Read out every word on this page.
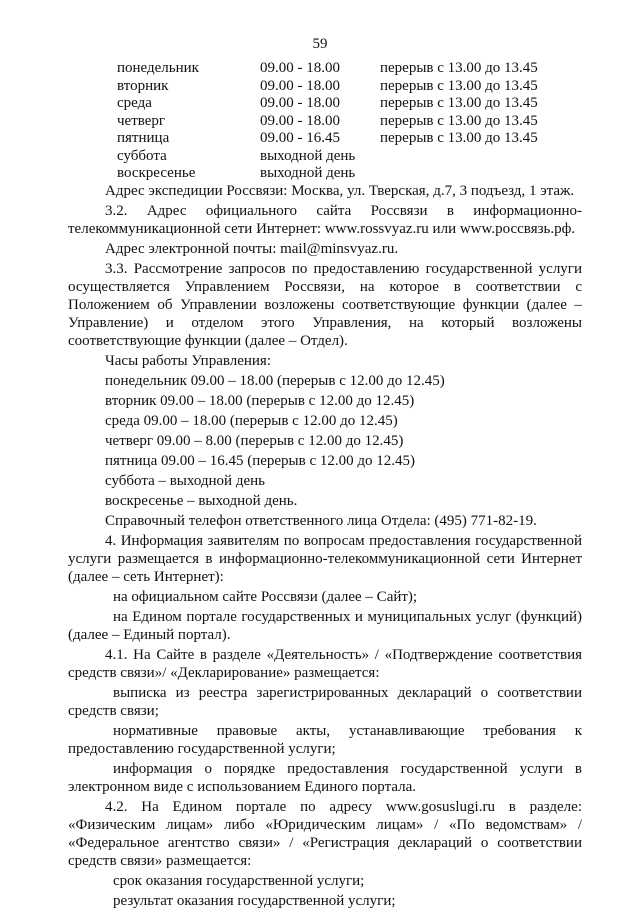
59
понедельник	09.00 - 18.00	перерыв с 13.00 до 13.45
вторник	09.00 - 18.00	перерыв с 13.00 до 13.45
среда	09.00 - 18.00	перерыв с 13.00 до 13.45
четверг	09.00 - 18.00	перерыв с 13.00 до 13.45
пятница	09.00 - 16.45	перерыв с 13.00 до 13.45
суббота	выходной день
воскресенье	выходной день

Адрес экспедиции Россвязи: Москва, ул. Тверская, д.7, 3 подъезд, 1 этаж.

3.2. Адрес официального сайта Россвязи в информационно-телекоммуникационной сети Интернет: www.rossvyaz.ru или www.россвязь.рф.

Адрес электронной почты: mail@minsvyaz.ru.

3.3. Рассмотрение запросов по предоставлению государственной услуги осуществляется Управлением Россвязи, на которое в соответствии с Положением об Управлении возложены соответствующие функции (далее – Управление) и отделом этого Управления, на который возложены соответствующие функции (далее – Отдел).

Часы работы Управления:

понедельник 09.00 – 18.00 (перерыв с 12.00 до 12.45)

вторник 09.00 – 18.00 (перерыв с 12.00 до 12.45)

среда 09.00 – 18.00 (перерыв с 12.00 до 12.45)

четверг 09.00 – 8.00 (перерыв с 12.00 до 12.45)

пятница 09.00 – 16.45 (перерыв с 12.00 до 12.45)

суббота – выходной день

воскресенье – выходной день.

Справочный телефон ответственного лица Отдела: (495) 771-82-19.

4. Информация заявителям по вопросам предоставления государственной услуги размещается в информационно-телекоммуникационной сети Интернет (далее – сеть Интернет):

на официальном сайте Россвязи (далее – Сайт);

на Едином портале государственных и муниципальных услуг (функций) (далее – Единый портал).

4.1. На Сайте в разделе «Деятельность» / «Подтверждение соответствия средств связи»/ «Декларирование» размещается:

выписка из реестра зарегистрированных деклараций о соответствии средств связи;

нормативные правовые акты, устанавливающие требования к предоставлению государственной услуги;

информация о порядке предоставления государственной услуги в электронном виде с использованием Единого портала.

4.2. На Едином портале по адресу www.gosuslugi.ru в разделе: «Физическим лицам» либо «Юридическим лицам» / «По ведомствам» / «Федеральное агентство связи» / «Регистрация деклараций о соответствии средств связи» размещается:

срок оказания государственной услуги;

результат оказания государственной услуги;
